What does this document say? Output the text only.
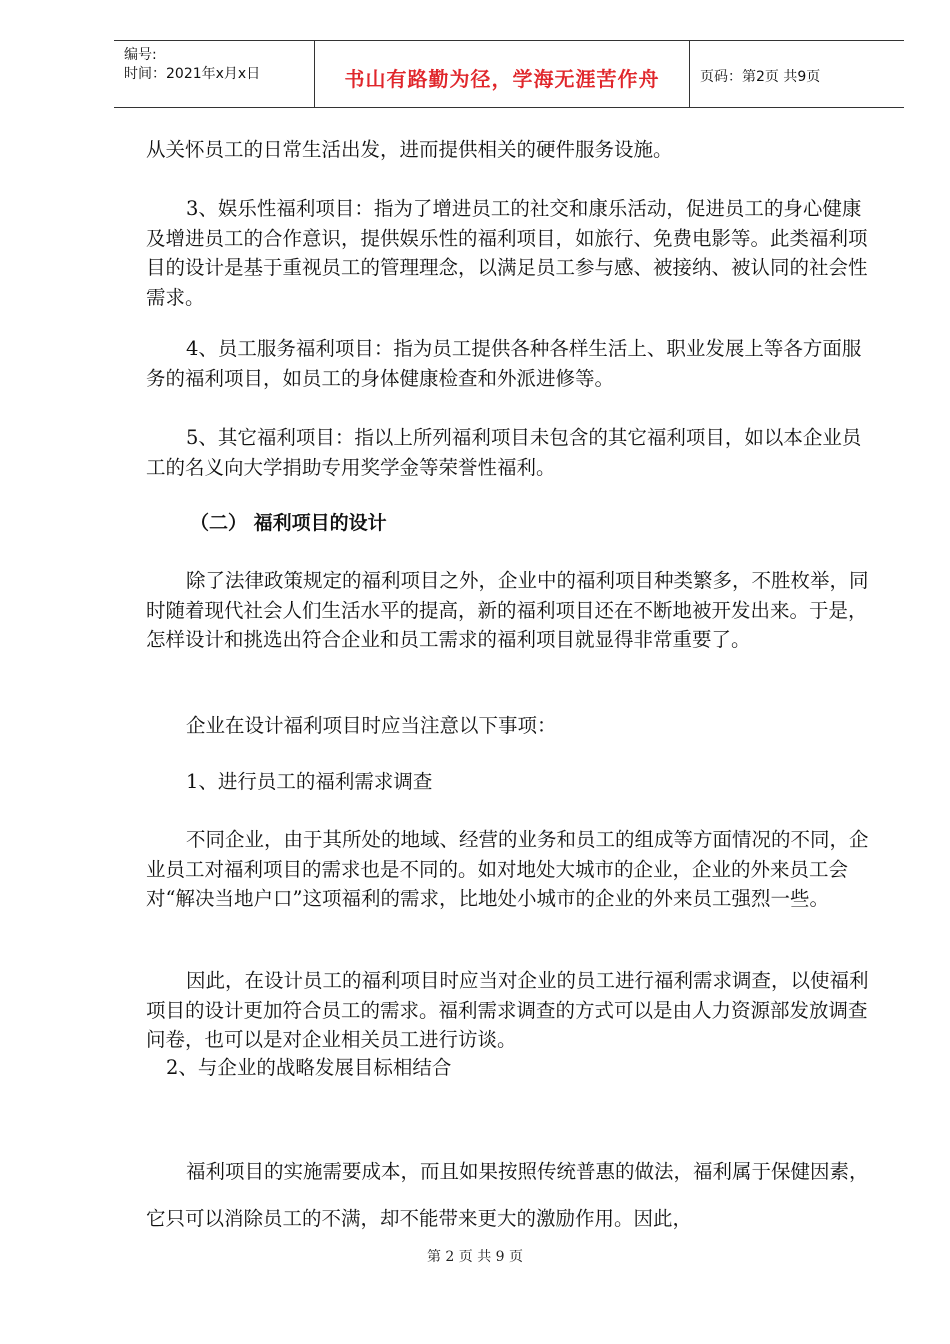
编号:
时间：2021年x月x日	书山有路勤为径，学海无涯苦作舟	页码：第2页 共9页

从关怀员工的日常生活出发，进而提供相关的硬件服务设施。

3、娱乐性福利项目：指为了增进员工的社交和康乐活动，促进员工的身心健康及增进员工的合作意识，提供娱乐性的福利项目，如旅行、免费电影等。此类福利项目的设计是基于重视员工的管理理念，以满足员工参与感、被接纳、被认同的社会性需求。

4、员工服务福利项目：指为员工提供各种各样生活上、职业发展上等各方面服务的福利项目，如员工的身体健康检查和外派进修等。

5、其它福利项目：指以上所列福利项目未包含的其它福利项目，如以本企业员工的名义向大学捐助专用奖学金等荣誉性福利。

（二） 福利项目的设计

除了法律政策规定的福利项目之外，企业中的福利项目种类繁多，不胜枚举，同时随着现代社会人们生活水平的提高，新的福利项目还在不断地被开发出来。于是，怎样设计和挑选出符合企业和员工需求的福利项目就显得非常重要了。

企业在设计福利项目时应当注意以下事项：

1、进行员工的福利需求调查

不同企业，由于其所处的地域、经营的业务和员工的组成等方面情况的不同，企业员工对福利项目的需求也是不同的。如对地处大城市的企业，企业的外来员工会对“解决当地户口”这项福利的需求，比地处小城市的企业的外来员工强烈一些。

因此，在设计员工的福利项目时应当对企业的员工进行福利需求调查，以使福利项目的设计更加符合员工的需求。福利需求调查的方式可以是由人力资源部发放调查问卷，也可以是对企业相关员工进行访谈。

2、与企业的战略发展目标相结合

福利项目的实施需要成本，而且如果按照传统普惠的做法，福利属于保健因素，它只可以消除员工的不满，却不能带来更大的激励作用。因此，

第 2 页 共 9 页
